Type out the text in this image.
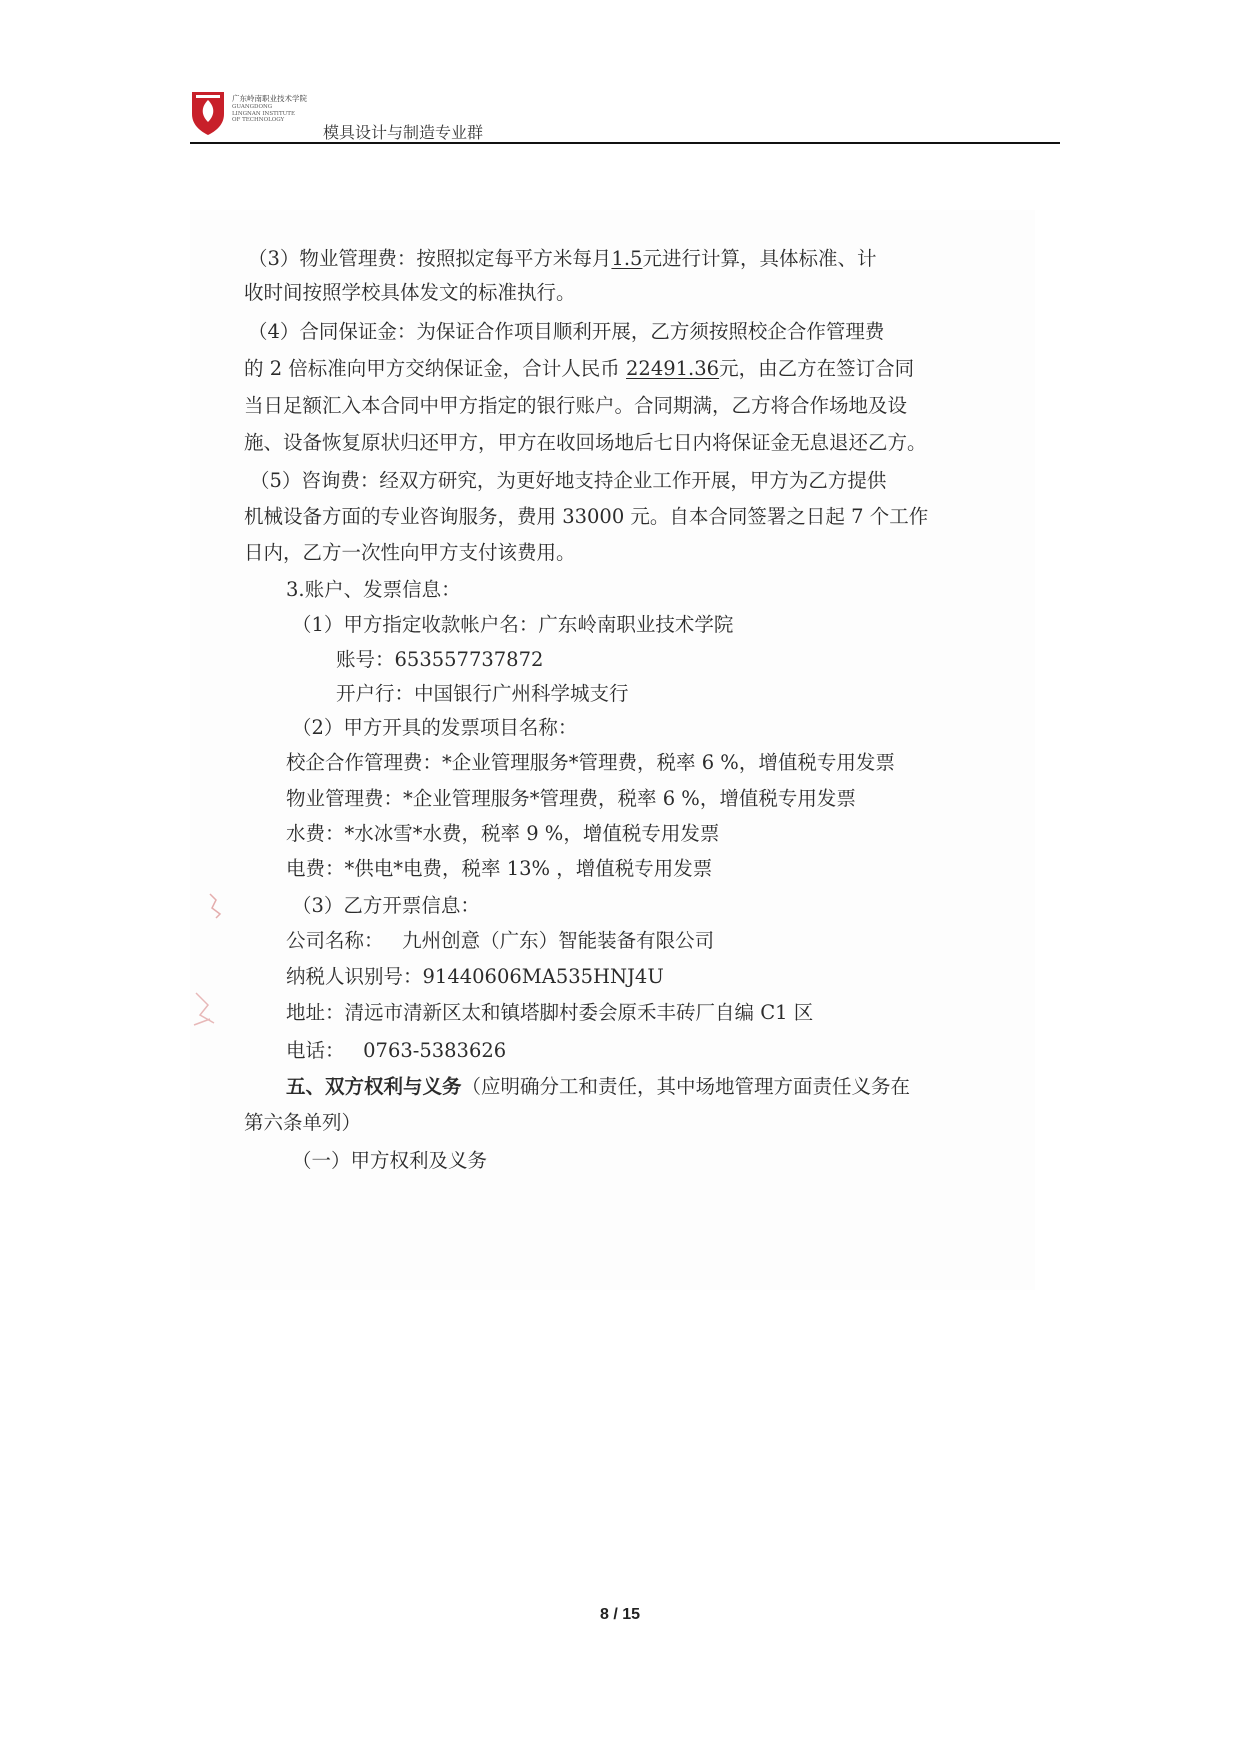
广东岭南职业技术学院
GUANGDONG LINGNAN INSTITUTE OF TECHNOLOGY
模具设计与制造专业群
（3）物业管理费：按照拟定每平方米每月1.5元进行计算，具体标准、计
收时间按照学校具体发文的标准执行。
（4）合同保证金：为保证合作项目顺利开展，乙方须按照校企合作管理费
的 2 倍标准向甲方交纳保证金，合计人民币 22491.36元，由乙方在签订合同
当日足额汇入本合同中甲方指定的银行账户。合同期满，乙方将合作场地及设
施、设备恢复原状归还甲方，甲方在收回场地后七日内将保证金无息退还乙方。
（5）咨询费：经双方研究，为更好地支持企业工作开展，甲方为乙方提供
机械设备方面的专业咨询服务，费用 33000 元。自本合同签署之日起 7 个工作
日内，乙方一次性向甲方支付该费用。
3.账户、发票信息：
（1）甲方指定收款帐户名：广东岭南职业技术学院
账号：653557737872
开户行：中国银行广州科学城支行
（2）甲方开具的发票项目名称：
校企合作管理费：*企业管理服务*管理费，税率 6 %，增值税专用发票
物业管理费：*企业管理服务*管理费，税率 6 %，增值税专用发票
水费：*水冰雪*水费，税率 9 %，增值税专用发票
电费：*供电*电费，税率 13% ，增值税专用发票
（3）乙方开票信息：
公司名称： 九州创意（广东）智能装备有限公司
纳税人识别号：91440606MA535HNJ4U
地址：清远市清新区太和镇塔脚村委会原禾丰砖厂自编 C1 区
电话： 0763-5383626
五、双方权利与义务（应明确分工和责任，其中场地管理方面责任义务在
第六条单列）
（一）甲方权利及义务
8 / 15
